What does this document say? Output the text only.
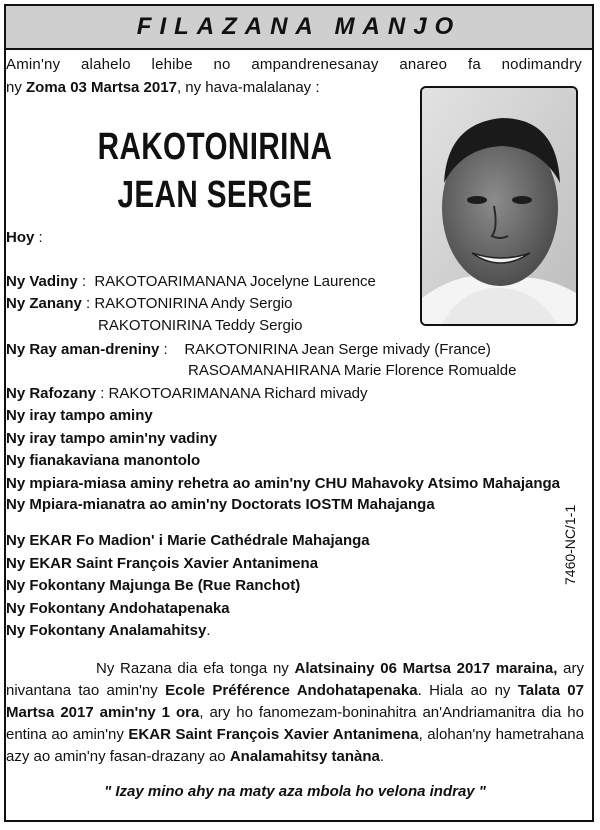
FILAZANA MANJO
Amin'ny alahelo lehibe no ampandrenesanay anareo fa nodimandry
ny Zoma 03 Martsa 2017, ny hava-malalanay :
RAKOTONIRINA
JEAN SERGE
Hoy :
Ny Vadiny :  RAKOTOARIMANANA Jocelyne Laurence
Ny Zanany : RAKOTONIRINA Andy Sergio
RAKOTONIRINA Teddy Sergio
Ny Ray aman-dreniny :    RAKOTONIRINA Jean Serge mivady (France)
RASOAMANAHIRANA Marie Florence Romualde
Ny Rafozany : RAKOTOARIMANANA Richard mivady
Ny iray tampo aminy
Ny iray tampo amin'ny vadiny
Ny fianakaviana manontolo
Ny mpiara-miasa aminy rehetra ao amin'ny CHU Mahavoky Atsimo Mahajanga
Ny Mpiara-mianatra ao amin'ny Doctorats IOSTM Mahajanga
Ny EKAR Fo Madion' i Marie Cathédrale Mahajanga
Ny EKAR Saint François Xavier Antanimena
Ny Fokontany Majunga Be (Rue Ranchot)
Ny Fokontany Andohatapenaka
Ny Fokontany Analamahitsy.
7460-NC/1-1
Ny Razana dia efa tonga ny Alatsinainy 06 Martsa 2017 maraina, ary
nivantana tao amin'ny Ecole Préférence Andohatapenaka. Hiala ao ny Talata 07
Martsa 2017 amin'ny 1 ora, ary ho fanomezam-boninahitra an'Andriamanitra dia ho
entina ao amin'ny EKAR Saint François Xavier Antanimena, alohan'ny hametrahana
azy ao amin'ny fasan-drazany ao Analamahitsy tanàna.
" Izay mino ahy na maty aza mbola ho velona indray "
